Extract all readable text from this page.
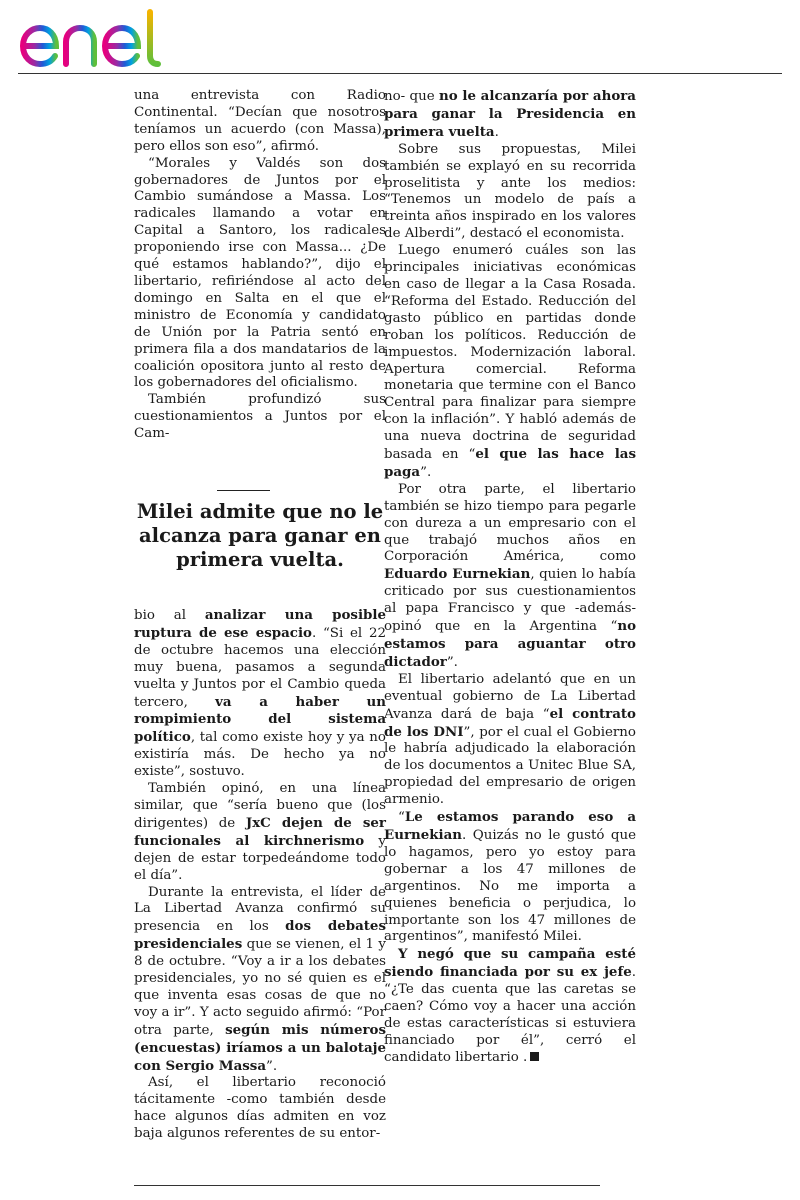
una entrevista con Radio Continental. “Decían que nosotros teníamos un acuerdo (con Massa), pero ellos son eso”, afirmó.

“Morales y Valdés son dos gobernadores de Juntos por el Cambio sumándose a Massa. Los radicales llamando a votar en Capital a Santoro, los radicales proponiendo irse con Massa... ¿De qué estamos hablando?”, dijo el libertario, refiriéndose al acto del domingo en Salta en el que el ministro de Economía y candidato de Unión por la Patria sentó en primera fila a dos mandatarios de la coalición opositora junto al resto de los gobernadores del oficialismo.

También profundizó sus cuestionamientos a Juntos por el Cam-

Milei admite que no le alcanza para ganar en primera vuelta.

bio al analizar una posible ruptura de ese espacio. “Si el 22 de octubre hacemos una elección muy buena, pasamos a segunda vuelta y Juntos por el Cambio queda tercero, va a haber un rompimiento del sistema político, tal como existe hoy y ya no existiría más. De hecho ya no existe”, sostuvo.

También opinó, en una línea similar, que “sería bueno que (los dirigentes) de JxC dejen de ser funcionales al kirchnerismo y dejen de estar torpedeándome todo el día”.

Durante la entrevista, el líder de La Libertad Avanza confirmó su presencia en los dos debates presidenciales que se vienen, el 1 y 8 de octubre. “Voy a ir a los debates presidenciales, yo no sé quien es el que inventa esas cosas de que no voy a ir”. Y acto seguido afirmó: “Por otra parte, según mis números (encuestas) iríamos a un balotaje con Sergio Massa”.

Así, el libertario reconoció tácitamente -como también desde hace algunos días admiten en voz baja algunos referentes de su entor-

no- que no le alcanzaría por ahora para ganar la Presidencia en primera vuelta.

Sobre sus propuestas, Milei también se explayó en su recorrida proselitista y ante los medios: “Tenemos un modelo de país a treinta años inspirado en los valores de Alberdi”, destacó el economista.

Luego enumeró cuáles son las principales iniciativas económicas en caso de llegar a la Casa Rosada. “Reforma del Estado. Reducción del gasto público en partidas donde roban los políticos. Reducción de impuestos. Modernización laboral. Apertura comercial. Reforma monetaria que termine con el Banco Central para finalizar para siempre con la inflación”. Y habló además de una nueva doctrina de seguridad basada en “el que las hace las paga”.

Por otra parte, el libertario también se hizo tiempo para pegarle con dureza a un empresario con el que trabajó muchos años en Corporación América, como Eduardo Eurnekian, quien lo había criticado por sus cuestionamientos al papa Francisco y que -además- opinó que en la Argentina “no estamos para aguantar otro dictador”.

El libertario adelantó que en un eventual gobierno de La Libertad Avanza dará de baja “el contrato de los DNI”, por el cual el Gobierno le habría adjudicado la elaboración de los documentos a Unitec Blue SA, propiedad del empresario de origen armenio.

“Le estamos parando eso a Eurnekian. Quizás no le gustó que lo hagamos, pero yo estoy para gobernar a los 47 millones de argentinos. No me importa a quienes beneficia o perjudica, lo importante son los 47 millones de argentinos”, manifestó Milei.

Y negó que su campaña esté siendo financiada por su ex jefe. “¿Te das cuenta que las caretas se caen? Cómo voy a hacer una acción de estas características si estuviera financiado por él”, cerró el candidato libertario .
